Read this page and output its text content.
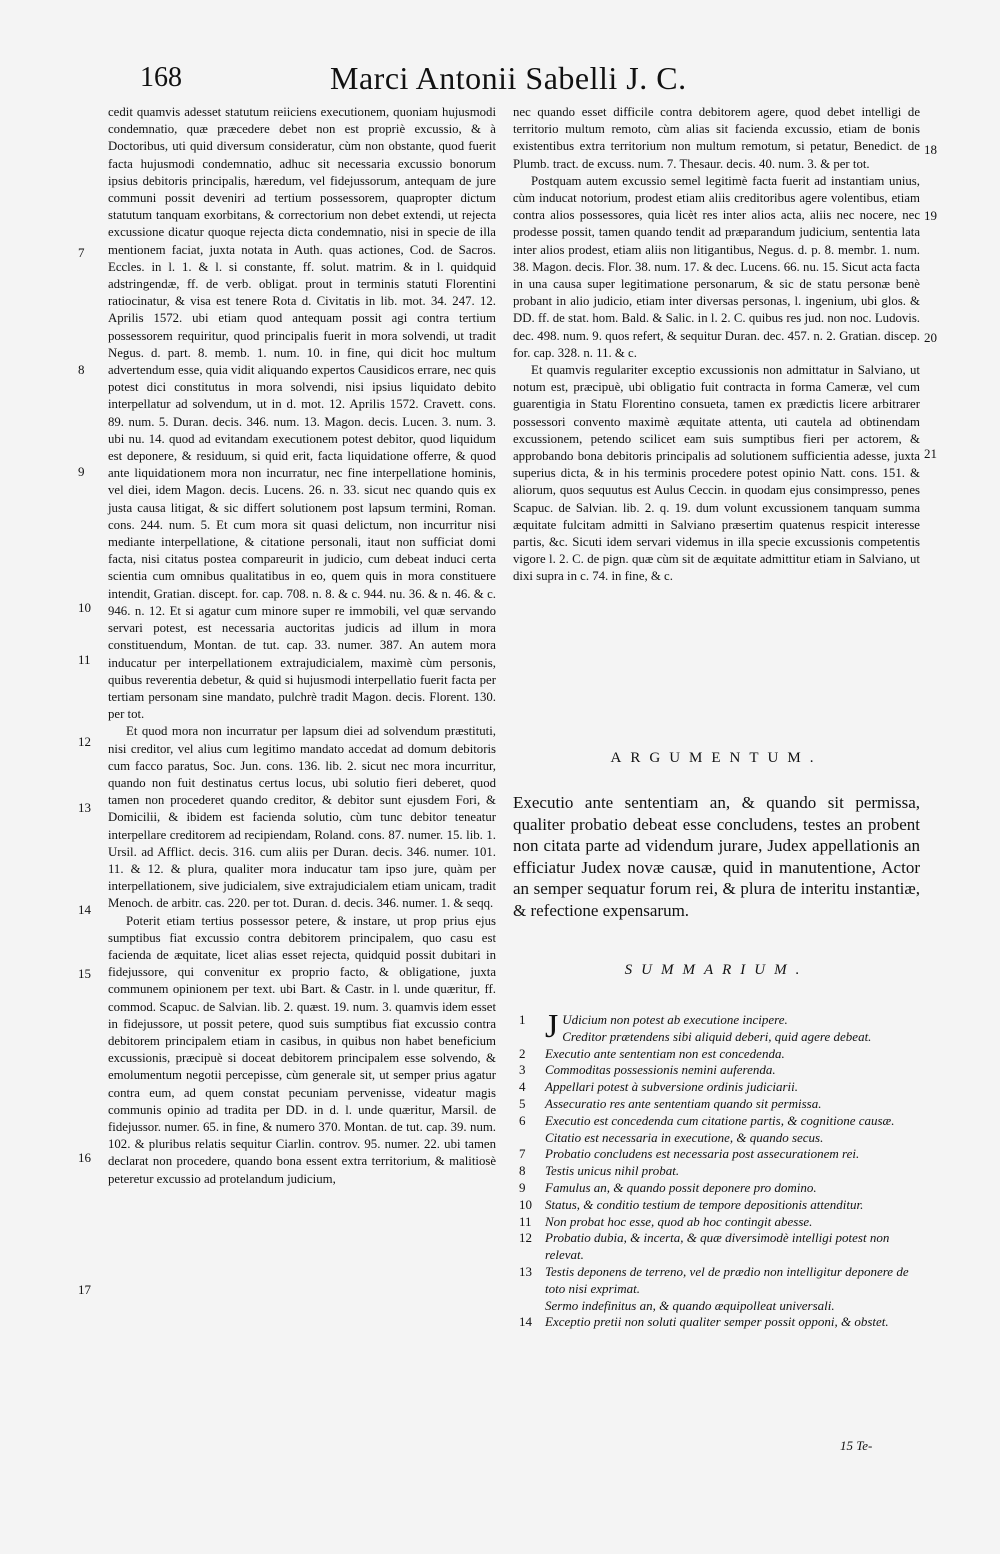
168	Marci Antonii Sabelli J. C.

cedit quamvis adesset statutum reiiciens executionem, quoniam hujusmodi condemnatio, quæ præcedere debet non est propriè excussio, & à Doctoribus, uti quid diversum consideratur, cùm non obstante, quod fuerit facta hujusmodi condemnatio, adhuc sit necessaria excussio bonorum ipsius debitoris principalis, hæredum, vel fidejussorum, antequam de jure communi possit deveniri ad tertium possessorem, quapropter dictum statutum tanquam exorbitans, & correctorium non debet extendi, ut rejecta excussione dicatur quoque rejecta dicta condemnatio, nisi in specie de illa mentionem faciat, juxta notata in Auth. quas actiones, Cod. de Sacros. Eccles. in l. 1. & l. si constante, ff. solut. matrim. & in l. quidquid adstringendæ, ff. de verb. obligat. prout in terminis statuti Florentini ratiocinatur, & visa est tenere Rota d. Civitatis in lib. mot. 34. 247. 12. Aprilis 1572. ubi etiam quod antequam possit agi contra tertium possessorem requiritur, quod principalis fuerit in mora solvendi, ut tradit Negus. d. part. 8. memb. 1. num. 10. in fine, qui dicit hoc multum advertendum esse, quia vidit aliquando expertos Causidicos errare, nec quis potest dici constitutus in mora solvendi, nisi ipsius liquidato debito interpellatur ad solvendum, ut in d. mot. 12. Aprilis 1572. Cravett. cons. 89. num. 5. Duran. decis. 346. num. 13. Magon. decis. Lucen. 3. num. 3. ubi nu. 14. quod ad evitandam executionem potest debitor, quod liquidum est deponere, & residuum, si quid erit, facta liquidatione offerre, & quod ante liquidationem mora non incurratur, nec fine interpellatione hominis, vel diei, idem Magon. decis. Lucens. 26. n. 33. sicut nec quando quis ex justa causa litigat, & sic differt solutionem post lapsum termini, Roman. cons. 244. num. 5. Et cum mora sit quasi delictum, non incurritur nisi mediante interpellatione, & citatione personali, itaut non sufficiat domi facta, nisi citatus postea compareurit in judicio, cum debeat induci certa scientia cum omnibus qualitatibus in eo, quem quis in mora constituere intendit, Gratian. discept. for. cap. 708. n. 8. & c. 944. nu. 36. & n. 46. & c. 946. n. 12. Et si agatur cum minore super re immobili, vel quæ servando servari potest, est necessaria auctoritas judicis ad illum in mora constituendum, Montan. de tut. cap. 33. numer. 387. An autem mora inducatur per interpellationem extrajudicialem, maximè cùm personis, quibus reverentia debetur, & quid si hujusmodi interpellatio fuerit facta per tertiam personam sine mandato, pulchrè tradit Magon. decis. Florent. 130. per tot.

Et quod mora non incurratur per lapsum diei ad solvendum præstituti, nisi creditor, vel alius cum legitimo mandato accedat ad domum debitoris cum facco paratus, Soc. Jun. cons. 136. lib. 2. sicut nec mora incurritur, quando non fuit destinatus certus locus, ubi solutio fieri deberet, quod tamen non procederet quando creditor, & debitor sunt ejusdem Fori, & Domicilii, & ibidem est facienda solutio, cùm tunc debitor teneatur interpellare creditorem ad recipiendam, Roland. cons. 87. numer. 15. lib. 1. Ursil. ad Afflict. decis. 316. cum aliis per Duran. decis. 346. numer. 101. 11. & 12. & plura, qualiter mora inducatur tam ipso jure, quàm per interpellationem, sive judicialem, sive extrajudicialem etiam unicam, tradit Menoch. de arbitr. cas. 220. per tot. Duran. d. decis. 346. numer. 1. & seqq.

Poterit etiam tertius possessor petere, & instare, ut prop prius ejus sumptibus fiat excussio contra debitorem principalem, quo casu est facienda de æquitate, licet alias esset rejecta, quidquid possit dubitari in fidejussore, qui convenitur ex proprio facto, & obligatione, juxta communem opinionem per text. ubi Bart. & Castr. in l. unde quæritur, ff. commod. Scapuc. de Salvian. lib. 2. quæst. 19. num. 3. quamvis idem esset in fidejussore, ut possit petere, quod suis sumptibus fiat excussio contra debitorem principalem etiam in casibus, in quibus non habet beneficium excussionis, præcipuè si doceat debitorem principalem esse solvendo, & emolumentum negotii percepisse, cùm generale sit, ut semper prius agatur contra eum, ad quem constat pecuniam pervenisse, videatur magis communis opinio ad tradita per DD. in d. l. unde quæritur, Marsil. de fidejussor. numer. 65. in fine, & numero 370. Montan. de tut. cap. 39. num. 102. & pluribus relatis sequitur Ciarlin. controv. 95. numer. 22. ubi tamen declarat non procedere, quando bona essent extra territorium, & malitiosè peteretur excussio ad protelandum judicium,

7
8
9
10
11
12
13
14
15
16
17

nec quando esset difficile contra debitorem agere, quod debet intelligi de territorio multum remoto, cùm alias sit facienda excussio, etiam de bonis existentibus extra territorium non multum remotum, si petatur, Benedict. de Plumb. tract. de excuss. num. 7. Thesaur. decis. 40. num. 3. & per tot.

Postquam autem excussio semel legitimè facta fuerit ad instantiam unius, cùm inducat notorium, prodest etiam aliis creditoribus agere volentibus, etiam contra alios possessores, quia licèt res inter alios acta, aliis nec nocere, nec prodesse possit, tamen quando tendit ad præparandum judicium, sententia lata inter alios prodest, etiam aliis non litigantibus, Negus. d. p. 8. membr. 1. num. 38. Magon. decis. Flor. 38. num. 17. & dec. Lucens. 66. nu. 15. Sicut acta facta in una causa super legitimatione personarum, & sic de statu personæ benè probant in alio judicio, etiam inter diversas personas, l. ingenium, ubi glos. & DD. ff. de stat. hom. Bald. & Salic. in l. 2. C. quibus res jud. non noc. Ludovis. dec. 498. num. 9. quos refert, & sequitur Duran. dec. 457. n. 2. Gratian. discep. for. cap. 328. n. 11. & c.

Et quamvis regulariter exceptio excussionis non admittatur in Salviano, ut notum est, præcipuè, ubi obligatio fuit contracta in forma Cameræ, vel cum guarentigia in Statu Florentino consueta, tamen ex prædictis licere arbitrarer possessori convento maximè æquitate attenta, uti cautela ad obtinendam excussionem, petendo scilicet eam suis sumptibus fieri per actorem, & approbando bona debitoris principalis ad solutionem sufficientia adesse, juxta superius dicta, & in his terminis procedere potest opinio Natt. cons. 151. & aliorum, quos sequutus est Aulus Ceccin. in quodam ejus consimpresso, penes Scapuc. de Salvian. lib. 2. q. 19. dum volunt excussionem tanquam summa æquitate fulcitam admitti in Salviano præsertim quatenus respicit interesse partis, &c. Sicuti idem servari videmus in illa specie excussionis competentis vigore l. 2. C. de pign. quæ cùm sit de æquitate admittitur etiam in Salviano, ut dixi supra in c. 74. in fine, & c.

18
19
20
21
ARGUMENTUM.
Executio ante sententiam an, & quando sit permissa, qualiter probatio debeat esse concludens, testes an probent non citata parte ad videndum jurare, Judex appellationis an efficiatur Judex novæ causæ, quid in manutentione, Actor an semper sequatur forum rei, & plura de interitu instantiæ, & refectione expensarum.
SUMMARIUM.
1 J Udicium non potest ab executione incipere.
Creditor prætendens sibi aliquid deberi, quid agere debeat.
2 Executio ante sententiam non est concedenda.
3 Commoditas possessionis nemini auferenda.
4 Appellari potest à subversione ordinis judiciarii.
5 Assecuratio res ante sententiam quando sit permissa.
6 Executio est concedenda cum citatione partis, & cognitione causæ.
Citatio est necessaria in executione, & quando secus.
7 Probatio concludens est necessaria post assecurationem rei.
8 Testis unicus nihil probat.
9 Famulus an, & quando possit deponere pro domino.
10 Status, & conditio testium de tempore depositionis attenditur.
11 Non probat hoc esse, quod ab hoc contingit abesse.
12 Probatio dubia, & incerta, & quæ diversimodè intelligi potest non relevat.
13 Testis deponens de terreno, vel de prædio non intelligitur deponere de toto nisi exprimat.
Sermo indefinitus an, & quando æquipolleat universali.
14 Exceptio pretii non soluti qualiter semper possit opponi, & obstet.
15 Te-
